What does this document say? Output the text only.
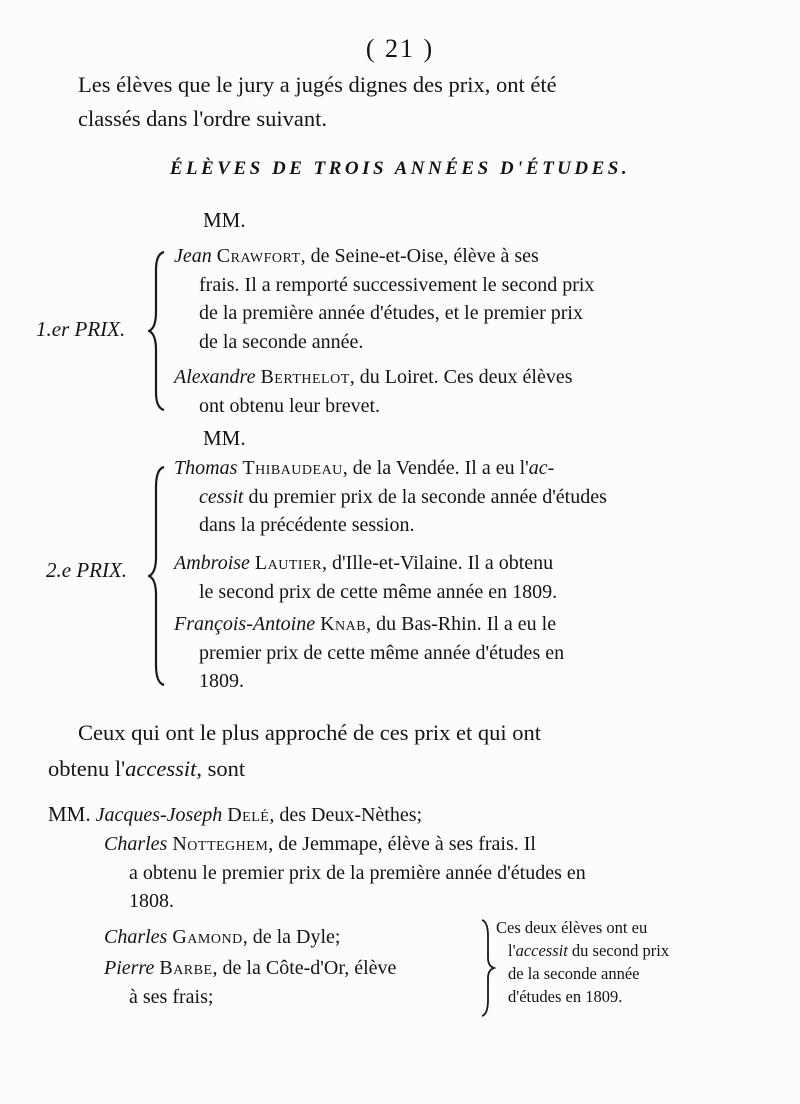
( 21 )
Les élèves que le jury a jugés dignes des prix, ont été
classés dans l'ordre suivant.
ÉLÈVES DE TROIS ANNÉES D'ÉTUDES.
MM.
1.er PRIX.

Jean Crawfort, de Seine-et-Oise, élève à ses

frais. Il a remporté successivement le second prix

de la première année d'études, et le premier prix

de la seconde année.

Alexandre Berthelot, du Loiret. Ces deux élèves

ont obtenu leur brevet.

MM.
2.e PRIX.

Thomas Thibaudeau, de la Vendée. Il a eu l'ac-

cessit du premier prix de la seconde année d'études

dans la précédente session.

Ambroise Lautier, d'Ille-et-Vilaine. Il a obtenu

le second prix de cette même année en 1809.

François-Antoine Knab, du Bas-Rhin. Il a eu le

premier prix de cette même année d'études en

1809.

Ceux qui ont le plus approché de ces prix et qui ont
obtenu l'accessit, sont

MM. Jacques-Joseph Delé, des Deux-Nèthes;

Charles Notteghem, de Jemmape, élève à ses frais. Il

a obtenu le premier prix de la première année d'études en

1808.

Charles Gamond, de la Dyle;

Pierre Barbe, de la Côte-d'Or, élève

à ses frais;

Ces deux élèves ont eu

l'accessit du second prix

de la seconde année

d'études en 1809.
